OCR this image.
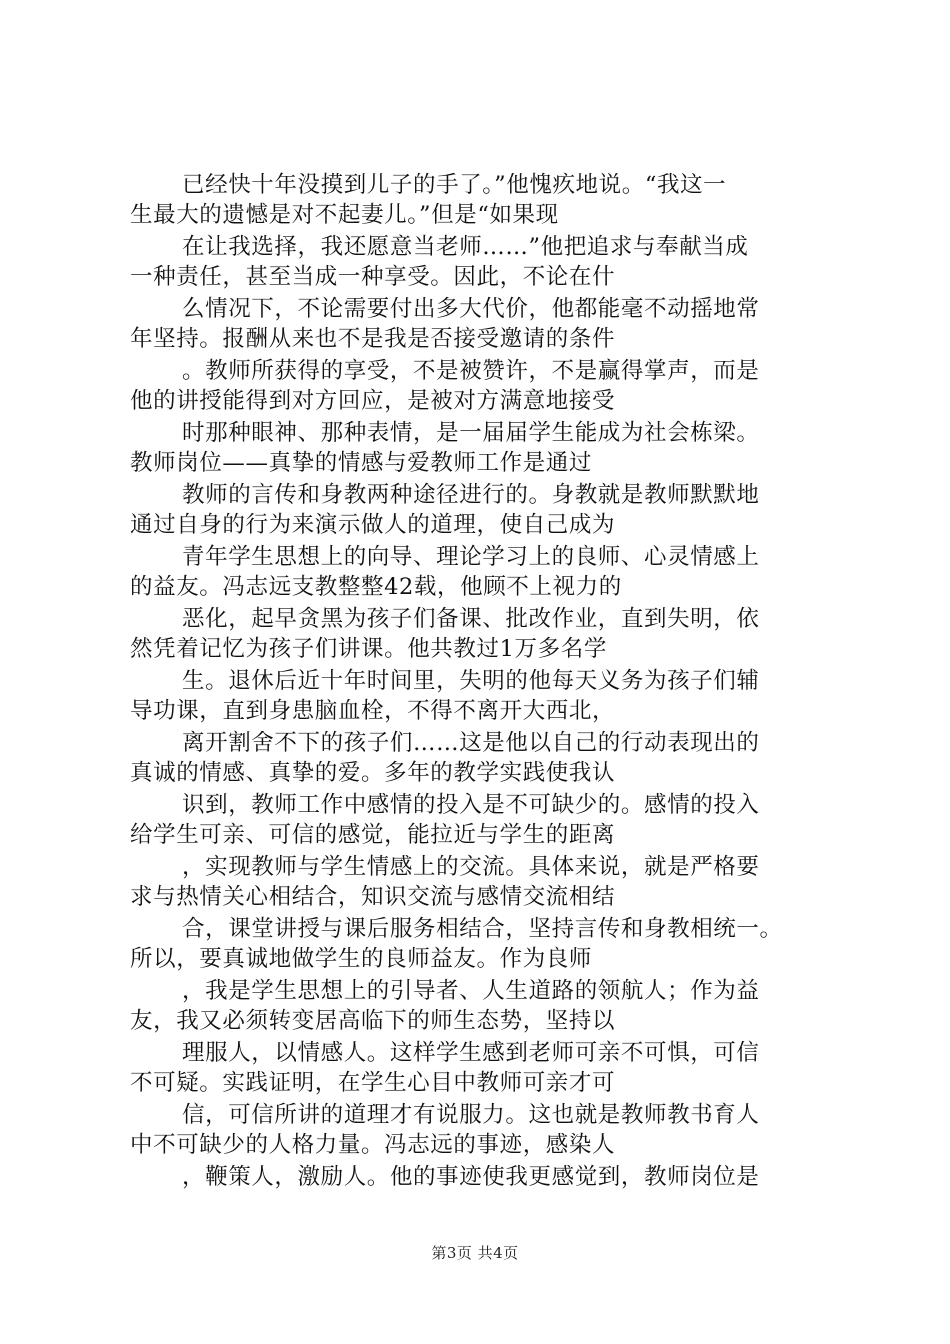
已经快十年没摸到儿子的手了。”他愧疚地说。“我这一
生最大的遗憾是对不起妻儿。”但是“如果现

在让我选择，我还愿意当老师……”他把追求与奉献当成
一种责任，甚至当成一种享受。因此，不论在什

么情况下，不论需要付出多大代价，他都能毫不动摇地常
年坚持。报酬从来也不是我是否接受邀请的条件

。教师所获得的享受，不是被赞许，不是赢得掌声，而是
他的讲授能得到对方回应，是被对方满意地接受

时那种眼神、那种表情，是一届届学生能成为社会栋梁。
教师岗位——真挚的情感与爱教师工作是通过

教师的言传和身教两种途径进行的。身教就是教师默默地
通过自身的行为来演示做人的道理，使自己成为

青年学生思想上的向导、理论学习上的良师、心灵情感上
的益友。冯志远支教整整42载，他顾不上视力的

恶化，起早贪黑为孩子们备课、批改作业，直到失明，依
然凭着记忆为孩子们讲课。他共教过1万多名学

生。退休后近十年时间里，失明的他每天义务为孩子们辅
导功课，直到身患脑血栓，不得不离开大西北，

离开割舍不下的孩子们……这是他以自己的行动表现出的
真诚的情感、真挚的爱。多年的教学实践使我认

识到，教师工作中感情的投入是不可缺少的。感情的投入
给学生可亲、可信的感觉，能拉近与学生的距离

，实现教师与学生情感上的交流。具体来说，就是严格要
求与热情关心相结合，知识交流与感情交流相结

合，课堂讲授与课后服务相结合，坚持言传和身教相统一。
所以，要真诚地做学生的良师益友。作为良师

，我是学生思想上的引导者、人生道路的领航人；作为益
友，我又必须转变居高临下的师生态势，坚持以

理服人，以情感人。这样学生感到老师可亲不可惧，可信
不可疑。实践证明，在学生心目中教师可亲才可

信，可信所讲的道理才有说服力。这也就是教师教书育人
中不可缺少的人格力量。冯志远的事迹，感染人

，鞭策人，激励人。他的事迹使我更感觉到，教师岗位是

第3页 共4页
